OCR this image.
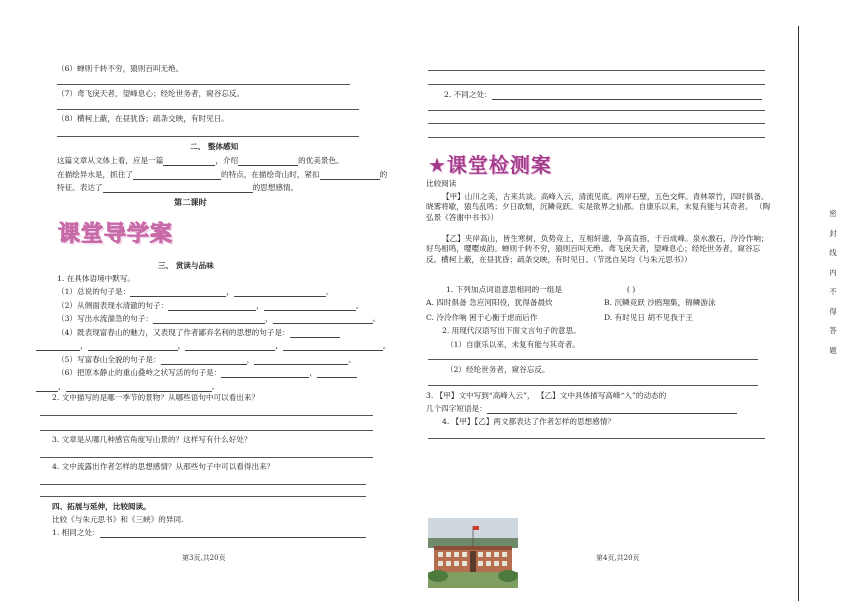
（6）蝉则千转不穷，猿则百叫无绝。
（7）鸢飞戾天者，望峰息心；经纶世务者，窥谷忘反。
（8）横柯上蔽，在昼犹昏；疏条交映，有时见日。
二、 整体感知
这篇文章从文体上看，应是一篇	，介绍	的优美景色。
在描绘异水是，抓住了	的特点，在描绘奇山时，紧扣	的
特征。表达了	的思想感情。
第二课时
课堂导学案
三、 赏读与品味
1. 在具体语境中默写。
（1）总说的句子是：	，	。
（2）从侧面表现水清澈的句子：	，	。
（3）写出水流湍急的句子：	，	。
（4）既表现富春山的魅力，又表现了作者鄙弃名利的思想的句子是：
，	，	，	。
（5）写富春山全貌的句子是：	，	。
（6）把原本静止的重山叠岭之状写活的句子是：	，
，	。
2. 文中描写的是哪一季节的景物？从哪些语句中可以看出来？
3. 文章是从哪几种感官角度写山景的？这样写有什么好处？
4. 文中流露出作者怎样的思想感情？从那些句子中可以看得出来？
四、拓展与延伸，比较阅读。
比较《与朱元思书》和《三峡》的异同.
1. 相同之处：
第3页,共20页
2. 不同之处：
★课堂检测案
比较阅读
【甲】山川之美，古来共谈。高峰入云，清流见底。两岸石壁，五色交辉。青林翠竹，四时俱备。晓雾将歇，猿鸟乱鸣；夕日欲颓，沉鳞竞跃。实是欲界之仙都。自康乐以来，未复有能与其奇者。 （陶弘景《答谢中书书》）
【乙】夹岸高山，皆生寒树，负势竞上，互相轩邈，争高直指，千百成峰。泉水激石，泠泠作响；好鸟相鸣，嘤嘤成韵。蝉则千转不穷，猿则百叫无绝。鸢飞戾天者，望峰息心；经纶世务者，窥谷忘反。横柯上蔽，在昼犹昏；疏条交映，有时见日。（节选自吴均《与朱元思书》）
1. 下列加点词语意思相同的一组是	( )
A. 四时俱备 急应河阳役，犹得备晨炊	B. 沉鳞竞跃 沙鸥翔集，锦鳞游泳
C. 泠泠作响 困于心衡于虑而后作	D. 有时见日 胡不见我于王
2. 用现代汉语写出下面文言句子的意思。
（1）自康乐以来，未复有能与其奇者。
（2）经纶世务者，窥谷忘反。
3. 【甲】文中写到“高峰入云”， 【乙】文中具体描写高峰“入”的动态的
几个四字短语是：
4. 【甲】【乙】两文都表达了作者怎样的思想感情？
第4页,共20页
密
封
线
内
不
得
答
题
